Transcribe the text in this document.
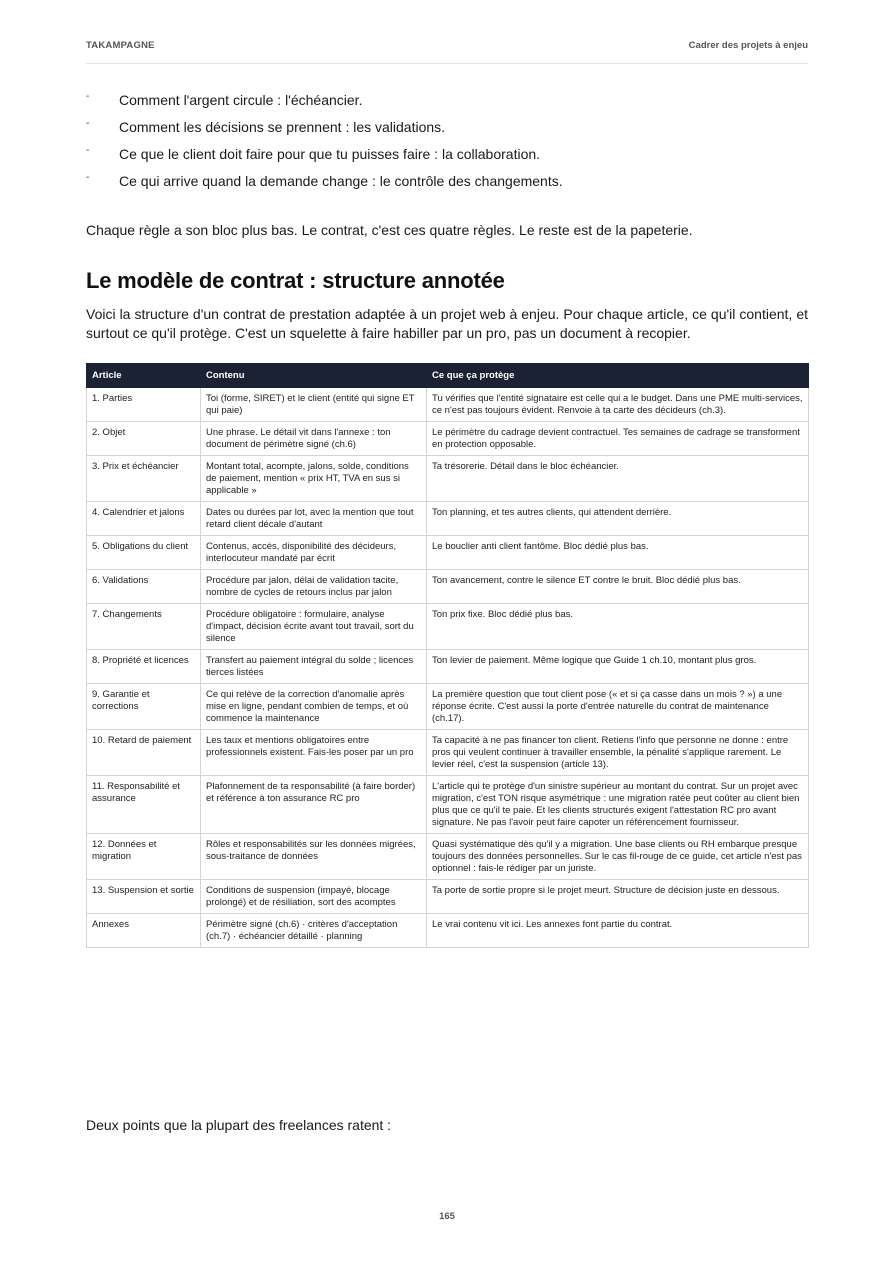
TAKAMPAGNE	Cadrer des projets à enjeu
- Comment l'argent circule : l'échéancier.
- Comment les décisions se prennent : les validations.
- Ce que le client doit faire pour que tu puisses faire : la collaboration.
- Ce qui arrive quand la demande change : le contrôle des changements.

Chaque règle a son bloc plus bas. Le contrat, c'est ces quatre règles. Le reste est de la papeterie.

Le modèle de contrat : structure annotée

Voici la structure d'un contrat de prestation adaptée à un projet web à enjeu. Pour chaque article, ce qu'il contient, et surtout ce qu'il protège. C'est un squelette à faire habiller par un pro, pas un document à recopier.

Article	Contenu	Ce que ça protège
1. Parties	Toi (forme, SIRET) et le client (entité qui signe ET qui paie)	Tu vérifies que l'entité signataire est celle qui a le budget. Dans une PME multi-services, ce n'est pas toujours évident. Renvoie à ta carte des décideurs (ch.3).
2. Objet	Une phrase. Le détail vit dans l'annexe : ton document de périmètre signé (ch.6)	Le périmètre du cadrage devient contractuel. Tes semaines de cadrage se transforment en protection opposable.
3. Prix et échéancier	Montant total, acompte, jalons, solde, conditions de paiement, mention « prix HT, TVA en sus si applicable »	Ta trésorerie. Détail dans le bloc échéancier.
4. Calendrier et jalons	Dates ou durées par lot, avec la mention que tout retard client décale d'autant	Ton planning, et tes autres clients, qui attendent derrière.
5. Obligations du client	Contenus, accès, disponibilité des décideurs, interlocuteur mandaté par écrit	Le bouclier anti client fantôme. Bloc dédié plus bas.
6. Validations	Procédure par jalon, délai de validation tacite, nombre de cycles de retours inclus par jalon	Ton avancement, contre le silence ET contre le bruit. Bloc dédié plus bas.
7. Changements	Procédure obligatoire : formulaire, analyse d'impact, décision écrite avant tout travail, sort du silence	Ton prix fixe. Bloc dédié plus bas.
8. Propriété et licences	Transfert au paiement intégral du solde ; licences tierces listées	Ton levier de paiement. Même logique que Guide 1 ch.10, montant plus gros.
9. Garantie et corrections	Ce qui relève de la correction d'anomalie après mise en ligne, pendant combien de temps, et où commence la maintenance	La première question que tout client pose (« et si ça casse dans un mois ? ») a une réponse écrite. C'est aussi la porte d'entrée naturelle du contrat de maintenance (ch.17).
10. Retard de paiement	Les taux et mentions obligatoires entre professionnels existent. Fais-les poser par un pro	Ta capacité à ne pas financer ton client. Retiens l'info que personne ne donne : entre pros qui veulent continuer à travailler ensemble, la pénalité s'applique rarement. Le levier réel, c'est la suspension (article 13).
11. Responsabilité et assurance	Plafonnement de ta responsabilité (à faire border) et référence à ton assurance RC pro	L'article qui te protège d'un sinistre supérieur au montant du contrat. Sur un projet avec migration, c'est TON risque asymétrique : une migration ratée peut coûter au client bien plus que ce qu'il te paie. Et les clients structurés exigent l'attestation RC pro avant signature. Ne pas l'avoir peut faire capoter un référencement fournisseur.
12. Données et migration	Rôles et responsabilités sur les données migrées, sous-traitance de données	Quasi systématique dès qu'il y a migration. Une base clients ou RH embarque presque toujours des données personnelles. Sur le cas fil-rouge de ce guide, cet article n'est pas optionnel : fais-le rédiger par un juriste.
13. Suspension et sortie	Conditions de suspension (impayé, blocage prolongé) et de résiliation, sort des acomptes	Ta porte de sortie propre si le projet meurt. Structure de décision juste en dessous.
Annexes	Périmètre signé (ch.6) · critères d'acceptation (ch.7) · échéancier détaillé · planning	Le vrai contenu vit ici. Les annexes font partie du contrat.

Deux points que la plupart des freelances ratent :

165
